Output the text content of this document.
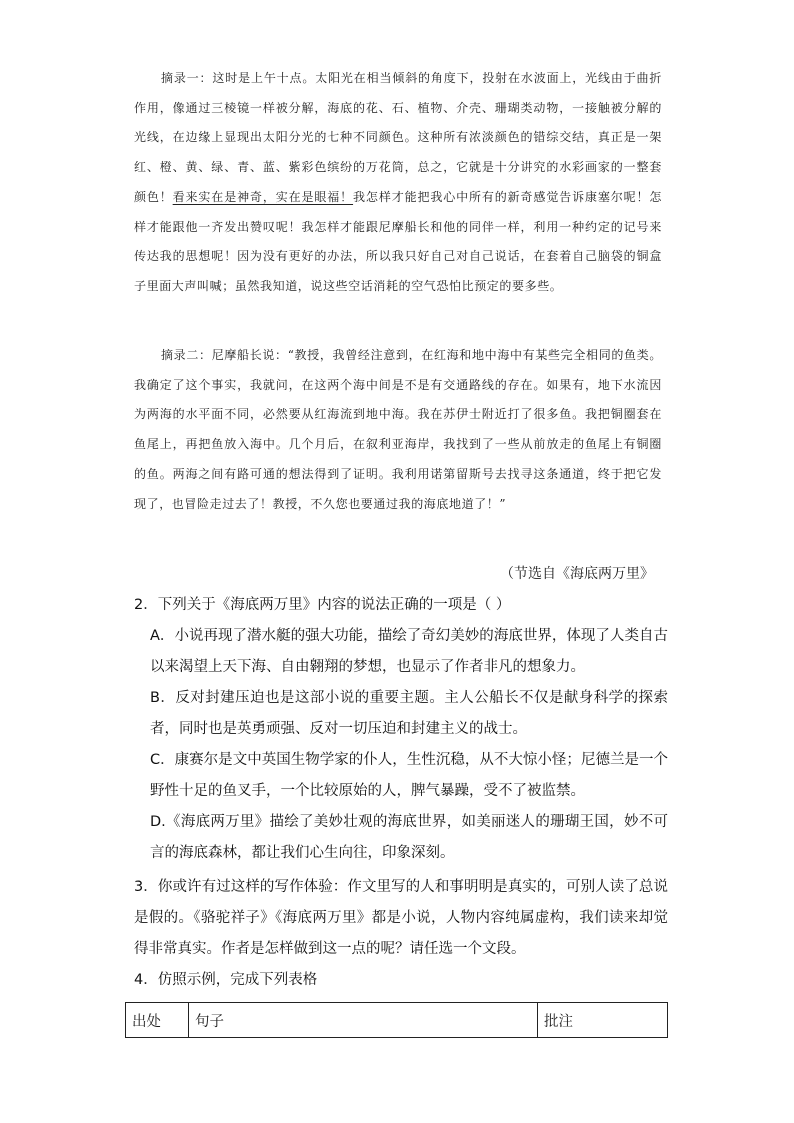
摘录一：这时是上午十点。太阳光在相当倾斜的角度下，投射在水波面上，光线由于曲折作用，像通过三棱镜一样被分解，海底的花、石、植物、介壳、珊瑚类动物，一接触被分解的光线，在边缘上显现出太阳分光的七种不同颜色。这种所有浓淡颜色的错综交结，真正是一架红、橙、黄、绿、青、蓝、紫彩色缤纷的万花筒，总之，它就是十分讲究的水彩画家的一整套颜色！看来实在是神奇，实在是眼福！我怎样才能把我心中所有的新奇感觉告诉康塞尔呢！怎样才能跟他一齐发出赞叹呢！我怎样才能跟尼摩船长和他的同伴一样，利用一种约定的记号来传达我的思想呢！因为没有更好的办法，所以我只好自己对自己说话，在套着自己脑袋的铜盒子里面大声叫喊；虽然我知道，说这些空话消耗的空气恐怕比预定的要多些。

摘录二：尼摩船长说：“教授，我曾经注意到，在红海和地中海中有某些完全相同的鱼类。我确定了这个事实，我就问，在这两个海中间是不是有交通路线的存在。如果有，地下水流因为两海的水平面不同，必然要从红海流到地中海。我在苏伊士附近打了很多鱼。我把铜圈套在鱼尾上，再把鱼放入海中。几个月后，在叙利亚海岸，我找到了一些从前放走的鱼尾上有铜圈的鱼。两海之间有路可通的想法得到了证明。我利用诺第留斯号去找寻这条通道，终于把它发现了，也冒险走过去了！教授，不久您也要通过我的海底地道了！”

（节选自《海底两万里》

2．下列关于《海底两万里》内容的说法正确的一项是（ ）

A．小说再现了潜水艇的强大功能，描绘了奇幻美妙的海底世界，体现了人类自古以来渴望上天下海、自由翱翔的梦想，也显示了作者非凡的想象力。

B．反对封建压迫也是这部小说的重要主题。主人公船长不仅是献身科学的探索者，同时也是英勇顽强、反对一切压迫和封建主义的战士。

C．康赛尔是文中英国生物学家的仆人，生性沉稳，从不大惊小怪；尼德兰是一个野性十足的鱼叉手，一个比较原始的人，脾气暴躁，受不了被监禁。

D.《海底两万里》描绘了美妙壮观的海底世界，如美丽迷人的珊瑚王国，妙不可言的海底森林，都让我们心生向往，印象深刻。

3．你或许有过这样的写作体验：作文里写的人和事明明是真实的，可别人读了总说是假的。《骆驼祥子》《海底两万里》都是小说，人物内容纯属虚构，我们读来却觉得非常真实。作者是怎样做到这一点的呢？请任选一个文段。

4．仿照示例，完成下列表格

出处	句子	批注
